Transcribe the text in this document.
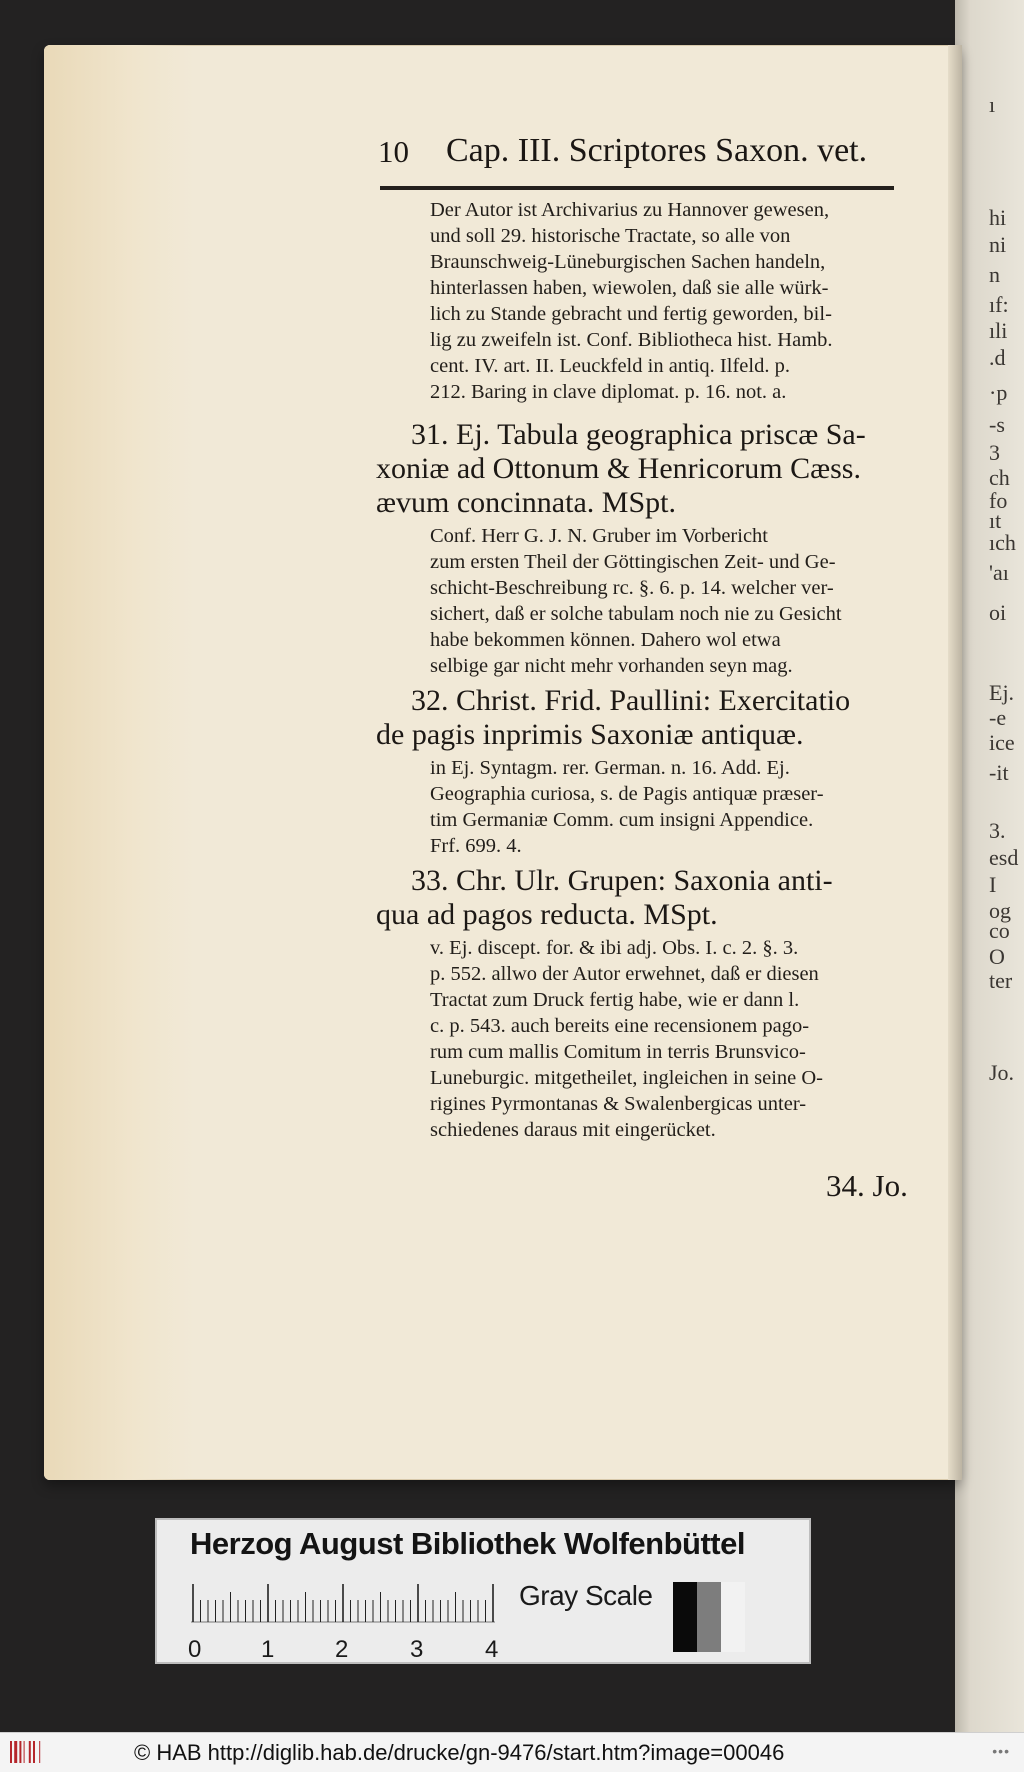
ı
hi
ni
n
ıf:
ıli
.d
·p
-s
3
ch
fo
ıt
ıch
'aı
oi
Ej.
-e
ice
-it
3.
esd
I
og
co
O
ter
Jo.
10 Cap. III. Scriptores Saxon. vet.
Der Autor ist Archivarius zu Hannover gewesen,
und soll 29. historische Tractate, so alle von
Braunschweig-Lüneburgischen Sachen handeln,
hinterlassen haben, wiewolen, daß sie alle würk-
lich zu Stande gebracht und fertig geworden, bil-
lig zu zweifeln ist. Conf. Bibliotheca hist. Hamb.
cent. IV. art. II. Leuckfeld in antiq. Ilfeld. p.
212. Baring in clave diplomat. p. 16. not. a.
31. Ej. Tabula geographica priscæ Sa-
xoniæ ad Ottonum & Henricorum Cæss.
ævum concinnata. MSpt.
Conf. Herr G. J. N. Gruber im Vorbericht
zum ersten Theil der Göttingischen Zeit- und Ge-
schicht-Beschreibung rc. §. 6. p. 14. welcher ver-
sichert, daß er solche tabulam noch nie zu Gesicht
habe bekommen können. Dahero wol etwa
selbige gar nicht mehr vorhanden seyn mag.
32. Christ. Frid. Paullini: Exercitatio
de pagis inprimis Saxoniæ antiquæ.
in Ej. Syntagm. rer. German. n. 16. Add. Ej.
Geographia curiosa, s. de Pagis antiquæ præser-
tim Germaniæ Comm. cum insigni Appendice.
Frf. 699. 4.
33. Chr. Ulr. Grupen: Saxonia anti-
qua ad pagos reducta. MSpt.
v. Ej. discept. for. & ibi adj. Obs. I. c. 2. §. 3.
p. 552. allwo der Autor erwehnet, daß er diesen
Tractat zum Druck fertig habe, wie er dann l.
c. p. 543. auch bereits eine recensionem pago-
rum cum mallis Comitum in terris Brunsvico-
Luneburgic. mitgetheilet, ingleichen in seine O-
rigines Pyrmontanas & Swalenbergicas unter-
schiedenes daraus mit eingerücket.
34. Jo.
Herzog August Bibliothek Wolfenbüttel
0 1	2	3	4
Gray Scale
© HAB http://diglib.hab.de/drucke/gn-9476/start.htm?image=00046	•••
